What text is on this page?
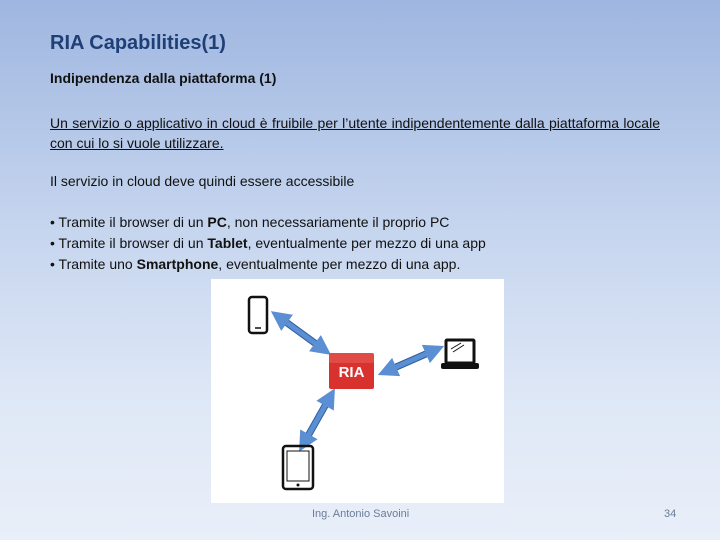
RIA Capabilities(1)
Indipendenza dalla piattaforma (1)
Un servizio o applicativo in cloud è fruibile per l’utente indipendentemente dalla piattaforma locale con cui lo si vuole utilizzare.
Il servizio in cloud deve quindi essere accessibile
• Tramite il browser di un PC, non necessariamente il proprio PC
• Tramite il browser di un Tablet, eventualmente per mezzo di una app
• Tramite uno Smartphone, eventualmente per mezzo di una app.
RIA
Ing. Antonio Savoini	34
